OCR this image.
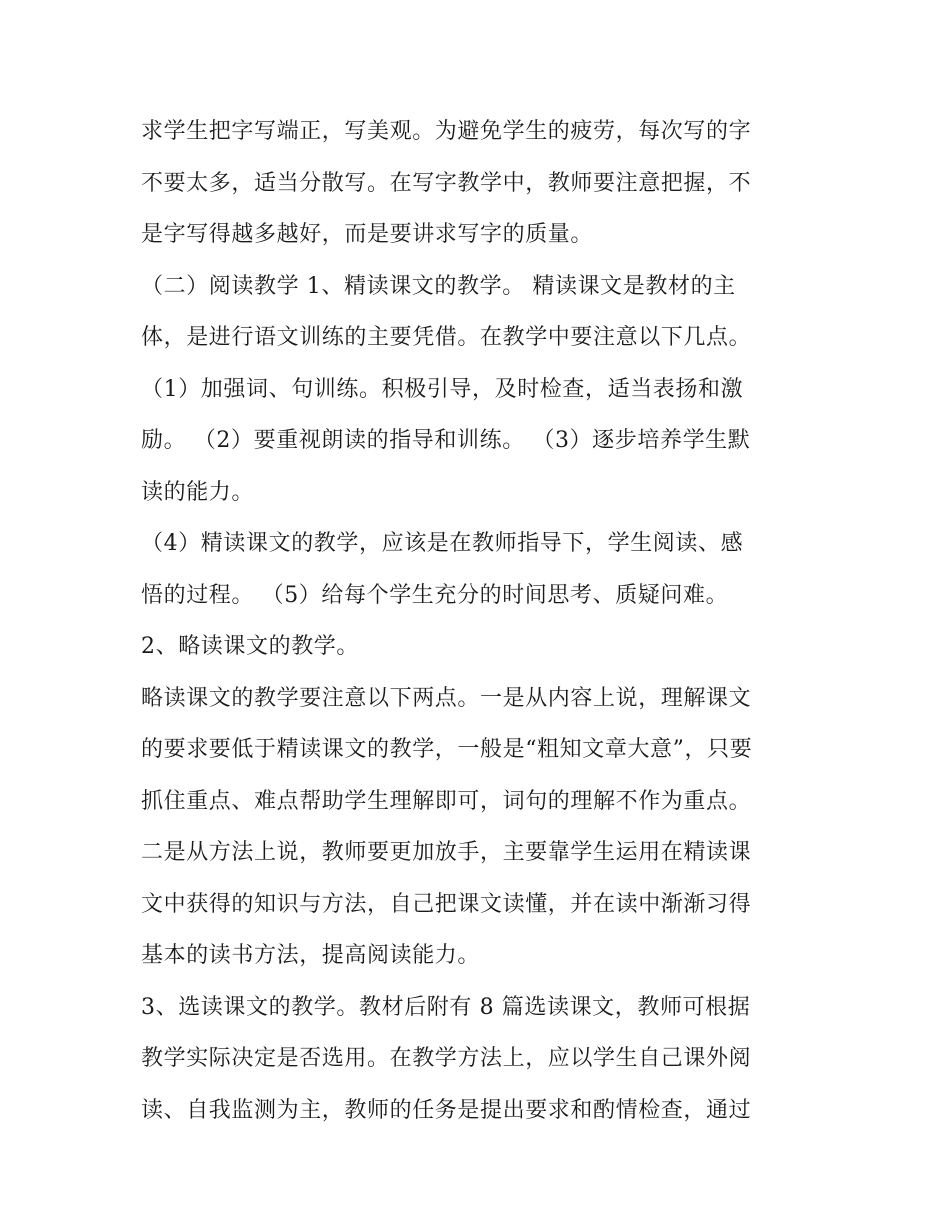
求学生把字写端正，写美观。为避免学生的疲劳，每次写的字
不要太多，适当分散写。在写字教学中，教师要注意把握，不
是字写得越多越好，而是要讲求写字的质量。
（二）阅读教学 1、精读课文的教学。 精读课文是教材的主
体，是进行语文训练的主要凭借。在教学中要注意以下几点。
（1）加强词、句训练。积极引导，及时检查，适当表扬和激
励。 （2）要重视朗读的指导和训练。 （3）逐步培养学生默
读的能力。
（4）精读课文的教学，应该是在教师指导下，学生阅读、感
悟的过程。 （5）给每个学生充分的时间思考、质疑问难。
2、略读课文的教学。
略读课文的教学要注意以下两点。一是从内容上说，理解课文
的要求要低于精读课文的教学，一般是“粗知文章大意”，只要
抓住重点、难点帮助学生理解即可，词句的理解不作为重点。
二是从方法上说，教师要更加放手，主要靠学生运用在精读课
文中获得的知识与方法，自己把课文读懂，并在读中渐渐习得
基本的读书方法，提高阅读能力。
3、选读课文的教学。教材后附有 8 篇选读课文，教师可根据
教学实际决定是否选用。在教学方法上，应以学生自己课外阅
读、自我监测为主，教师的任务是提出要求和酌情检查，通过
